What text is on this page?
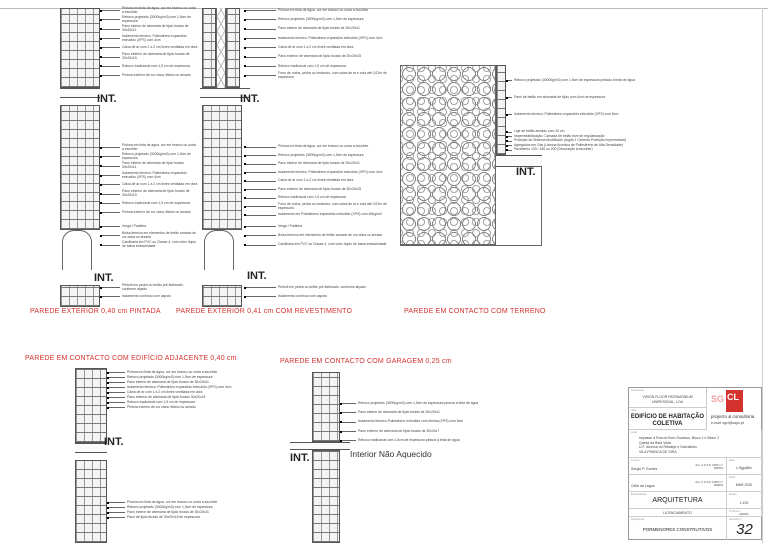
Pintura em tinta de água, cor em branco ou outra a escolher
Reboco projetado (3000kg/m3) com 1,5cm de espessura
Pano interior de alvenaria de tijolo furado de 30x20x11
Isolamento térmico: Poliestireno expandido extrudido (XPS) com 4cm
Caixa de ar com 1 a 2 cm livres ventilada em obra
Pano exterior de alvenaria de tijolo furado de 30x20x15
Reboco tradicional com 1,5 cm de espessura
Pintura exterior de cor clara, titânio ou areado
INT.
Pintura em tinta de água, cor em branco ou outra a escolher
Reboco projetado (3000kg/m3) com 1,5cm de espessura
Pano interior de alvenaria de tijolo furado 30x20x11
Isolamento térmico: Poliestireno expandido extrudido (XPS) com 4cm
Caixa de ar com 1 a 2 cm livres ventilada em obra
Pano exterior de alvenaria de tijolo furado de 30x20x15
Reboco tradicional com 1,5 cm de espessura
Pintura exterior de cor clara, titânio ou areado
Verga / Padieira
Bolsa térmica em elementos de betão armado de cor clara ou areado
Caixilharia em PVC ou Classe 4, com vidro duplo de baixa emissividade
INT.
Peitoril em pedra ou betão pré-fabricado, conforme alçado
Isolamento contínuo com capoto
PAREDE EXTERIOR 0,40 cm PINTADA
Pintura em tinta de água, cor em branco ou outra a escolher
Reboco projetado (3000kg/m3) com 1,5cm de espessura
Pano interior de alvenaria de tijolo furado de 30x20x11
Isolamento térmico: Poliestireno expandido extrudido (XPS) com 4cm
Caixa de ar com 1 a 2 cm livres ventilada em obra
Pano exterior de alvenaria de tijolo furado de 30x20x15
Reboco tradicional com 1,5 cm de espessura
Forro de rocha, pedra ou cerâmico, com caixa de ar e cola até 0,02m de espessura
INT.
Pintura em tinta de água, cor em branco ou outra a escolher
Reboco projetado (3000kg/m3) com 1,5cm de espessura
Pano interior de alvenaria de tijolo furado de 30x20x11
Isolamento térmico: Poliestireno expandido extrudido (XPS) com 4cm
Caixa de ar com 1 a 2 cm livres ventilada em obra
Pano exterior de alvenaria de tijolo furado de 30x20x15
Reboco tradicional com 1,5 cm de espessura
Forro de rocha, pedra ou cerâmico, com caixa de ar e cola até 0,02m de espessura
Isolamento em Poliestireno expandido extrudido (XPS) com 60kg/m3
Verga / Padieira
Bolsa térmica em elementos de betão armado de cor clara ou areado
Caixilharia em PVC ou Classe 4, com vidro duplo de baixa emissividade
INT.
Peitoril em pedra ou betão pré-fabricado, conforme alçado
Isolamento contínuo com capoto
PAREDE EXTERIOR 0,41 cm COM REVESTIMENTO
Reboco projetado (3000kg/m3) com 1,5cm de espessura pintado a tinta de água
Pano de betão em alvenaria de tijolo com 4cm de espessura
Isolamento térmico: Poliestireno expandido extrudido (XPS) com 8cm
Laje de betão armado com 20 cm
Impermeabilização: Camada de betão leve de regularização
Proteção do Sistema Modificado (Argila 1 Cimento Proteção Impermeável)
Agregados em Gás (Lâmina Acústica de Poliestireno de Alta Densidade)
Pavimento 100 / 150 ou 200 (Decoração à escolher)
INT.
PAREDE EM CONTACTO COM TERRENO
PAREDE EM CONTACTO COM EDIFÍCIO ADJACENTE 0,40 cm
Pintura em tinta de água, cor em branco ou outra a escolher
Reboco projetado (3000kg/m3) com 1,5cm de espessura
Pano interior de alvenaria de tijolo furado de 30x20x11
Isolamento térmico: Poliestireno expandido extrudido (XPS) com 4cm
Caixa de ar com 1 a 2 cm livres ventilada em obra
Pano exterior de alvenaria de tijolo furado 30x20x15
Reboco tradicional com 1,5 cm de espessura
Pintura exterior de cor clara, titânio ou areado
INT.
Pintura em tinta de água, cor em branco ou outra a escolher
Reboco projetado (3000kg/m3) com 1,5cm de espessura
Pano interior de alvenaria de tijolo furado de 30x20x11
Pano de tijolo furado de 30x20x15 de espessura
PAREDE EM CONTACTO COM GARAGEM 0,25 cm
Reboco projetado (3000kg/m3) com 1,5cm de espessura pintura a tinta de água
Pano interior de alvenaria de tijolo furado de 30x20x11
Isolamento térmico Poliestireno extrudido com lâmina (XPS) com 6cm
Pano exterior de alvenaria de tijolo furado de 30x20x7
Reboco tradicional com 1,5cm de espessura pintura a tinta de água
INT.	Interior Não Aquecido
Requerente
VISION FLOOR PATRIMONIUM
UNIPESSOAL, LDA	SG CL
projecto & consultoria
e-mail: sgcl@sapo.pt
Obra
EDIFÍCIO DE HABITAÇÃO
COLETIVA
Local
Impasse à Rua do Bom Sucesso, Bloco 1 e Bloco 2
Quinta da Bela Vista
U.F. Alverca do Ribatejo e Sobralinho
VILA FRANCA DE XIRA
Técnico
Sérgio P. Gomes
Arq. nº O.A.P. 3.650 / nº 16878/1
Data
c.Sgp@lfc
Célia da Lagoa
Arq. nº O.A.P. 3.650 / nº 16990/3
Folha
MAR 2020
Especialidade
ARQUITETURA
Escala
1:100
LICENCIAMENTO	Nº Desen.
2020/21
Designação
PORMENORES CONSTRUTIVOS
Desenho nº
32
